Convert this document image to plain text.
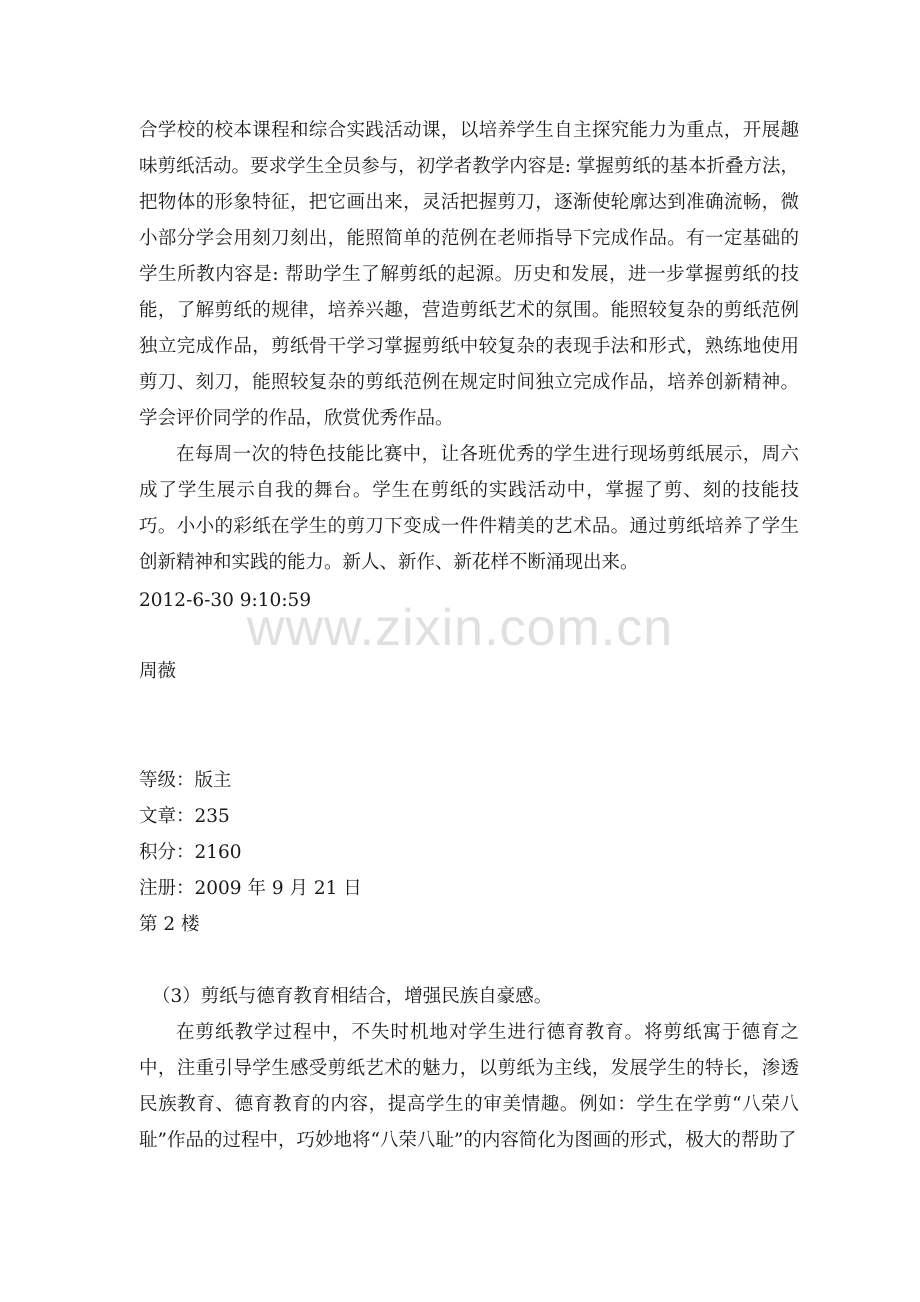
合学校的校本课程和综合实践活动课，以培养学生自主探究能力为重点，开展趣味剪纸活动。要求学生全员参与，初学者教学内容是: 掌握剪纸的基本折叠方法，把物体的形象特征，把它画出来，灵活把握剪刀，逐渐使轮廓达到准确流畅，微小部分学会用刻刀刻出，能照简单的范例在老师指导下完成作品。有一定基础的学生所教内容是: 帮助学生了解剪纸的起源。历史和发展，进一步掌握剪纸的技能，了解剪纸的规律，培养兴趣，营造剪纸艺术的氛围。能照较复杂的剪纸范例独立完成作品，剪纸骨干学习掌握剪纸中较复杂的表现手法和形式，熟练地使用剪刀、刻刀，能照较复杂的剪纸范例在规定时间独立完成作品，培养创新精神。学会评价同学的作品，欣赏优秀作品。

在每周一次的特色技能比赛中，让各班优秀的学生进行现场剪纸展示，周六成了学生展示自我的舞台。学生在剪纸的实践活动中，掌握了剪、刻的技能技巧。小小的彩纸在学生的剪刀下变成一件件精美的艺术品。通过剪纸培养了学生创新精神和实践的能力。新人、新作、新花样不断涌现出来。

2012-6-30 9:10:59

www.zixin.com.cn

周薇

等级：版主

文章：235

积分：2160

注册：2009 年 9 月 21 日

第 2 楼

（3）剪纸与德育教育相结合，增强民族自豪感。

在剪纸教学过程中，不失时机地对学生进行德育教育。将剪纸寓于德育之中，注重引导学生感受剪纸艺术的魅力，以剪纸为主线，发展学生的特长，渗透民族教育、德育教育的内容，提高学生的审美情趣。例如：学生在学剪“八荣八耻”作品的过程中，巧妙地将“八荣八耻”的内容简化为图画的形式，极大的帮助了
